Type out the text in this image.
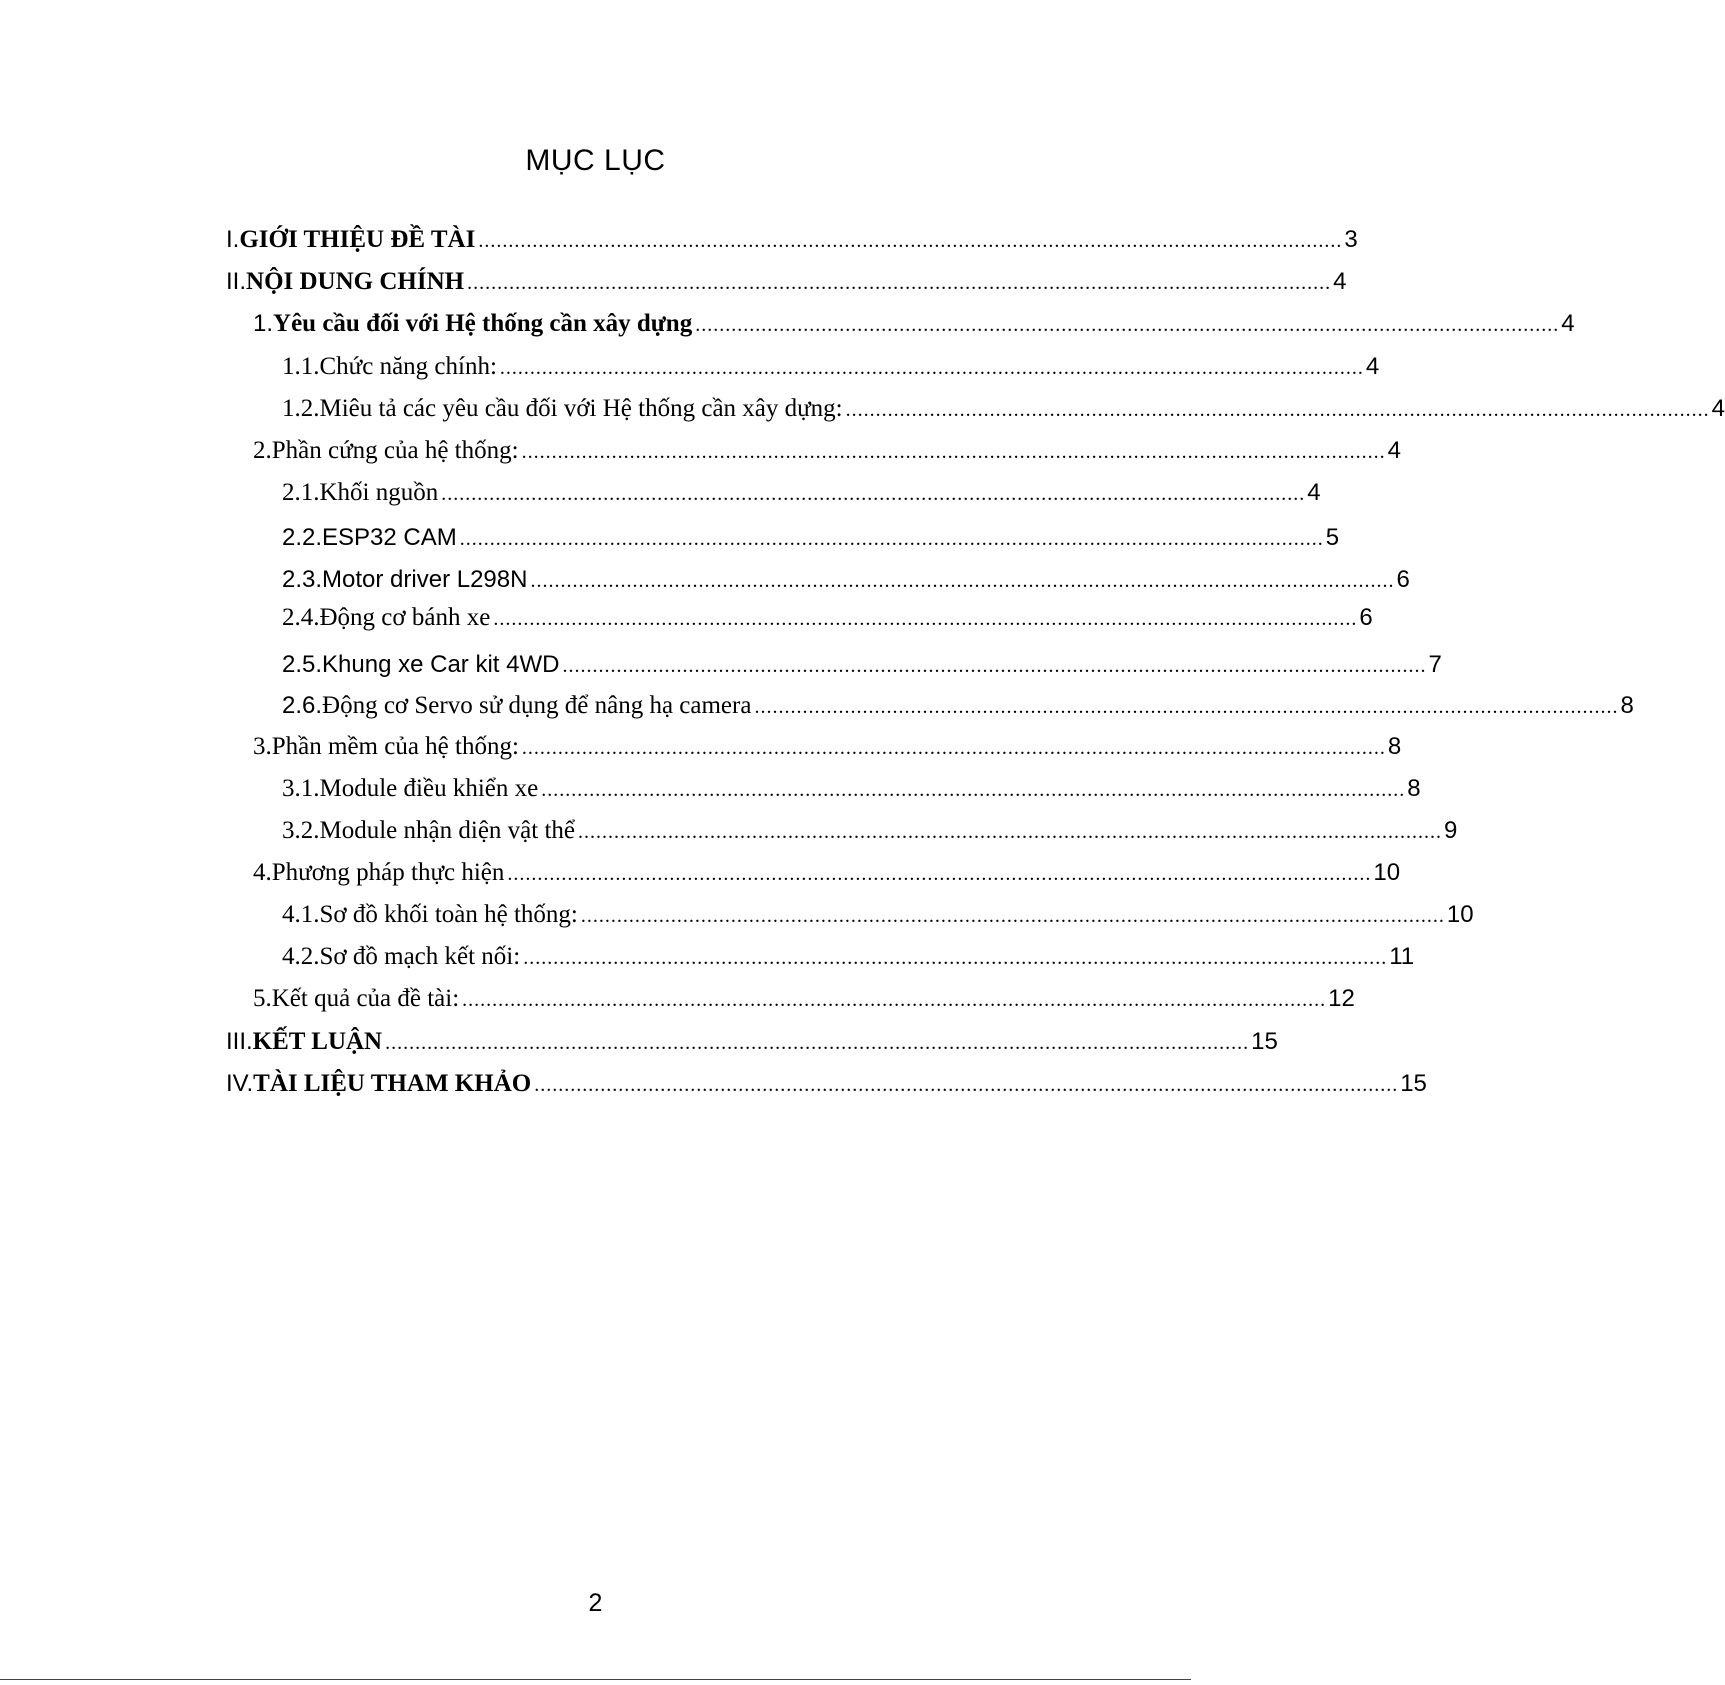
MỤC LỤC
I. GIỚI THIỆU ĐỀ TÀI ................................................................................................................................................ 3
II. NỘI DUNG CHÍNH ................................................................................................................................................ 4
1. Yêu cầu đối với Hệ thống cần xây dựng ................................................................................................................................................ 4
1.1. Chức năng chính: ................................................................................................................................................ 4
1.2. Miêu tả các yêu cầu đối với Hệ thống cần xây dựng: ................................................................................................................................................ 4
2. Phần cứng của hệ thống: ................................................................................................................................................ 4
2.1. Khối nguồn ................................................................................................................................................ 4
2.2. ESP32 CAM ................................................................................................................................................ 5
2.3. Motor driver L298N ................................................................................................................................................ 6
2.4. Động cơ bánh xe ................................................................................................................................................ 6
2.5. Khung xe Car kit 4WD ................................................................................................................................................ 7
2.6. Động cơ Servo sử dụng để nâng hạ camera ................................................................................................................................................ 8
3. Phần mềm của hệ thống: ................................................................................................................................................ 8
3.1. Module điều khiển xe ................................................................................................................................................ 8
3.2. Module nhận diện vật thể ................................................................................................................................................ 9
4. Phương pháp thực hiện ................................................................................................................................................ 10
4.1. Sơ đồ khối toàn hệ thống: ................................................................................................................................................ 10
4.2. Sơ đồ mạch kết nối: ................................................................................................................................................ 11
5. Kết quả của đề tài: ................................................................................................................................................ 12
III. KẾT LUẬN ................................................................................................................................................ 15
IV. TÀI LIỆU THAM KHẢO ................................................................................................................................................ 15
2
